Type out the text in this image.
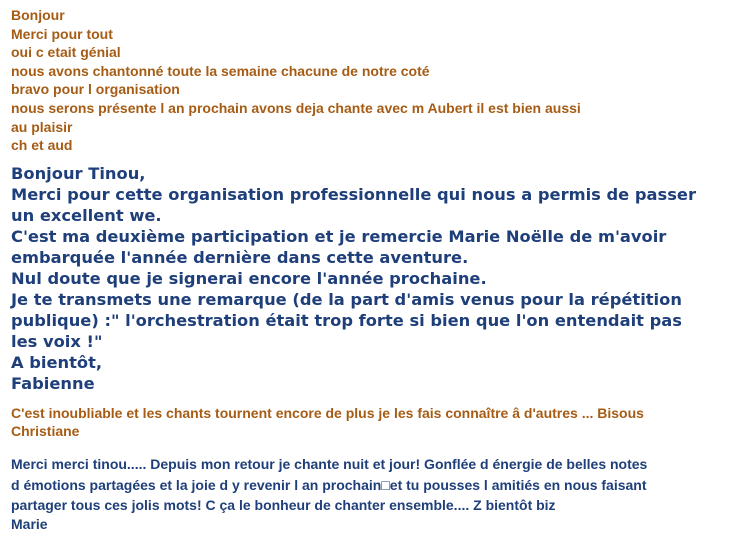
Bonjour
Merci pour tout
oui c etait génial
nous avons chantonné toute la semaine chacune de notre coté
bravo pour l organisation
nous serons présente l an prochain avons deja chante avec m Aubert il est bien aussi
au plaisir
ch et aud
Bonjour Tinou,
Merci pour cette organisation professionnelle qui nous a permis de passer
un excellent we.
C'est ma deuxième participation et je remercie Marie Noëlle de m'avoir
embarquée l'année dernière dans cette aventure.
Nul doute que je signerai encore l'année prochaine.
Je te transmets une remarque (de la part d'amis venus pour la répétition
publique) :" l'orchestration était trop forte si bien que l'on entendait pas
les voix !"
A bientôt,
Fabienne
C'est inoubliable et les chants tournent encore de plus je les fais connaître â d'autres ... Bisous
Christiane
Merci merci tinou..... Depuis mon retour je chante nuit et jour! Gonflée d énergie de belles notes
d émotions partagées et la joie d y revenir l an prochain□et tu pousses l amitiés en nous faisant
partager tous ces jolis mots! C ça le bonheur de chanter ensemble.... Z bientôt biz
Marie
